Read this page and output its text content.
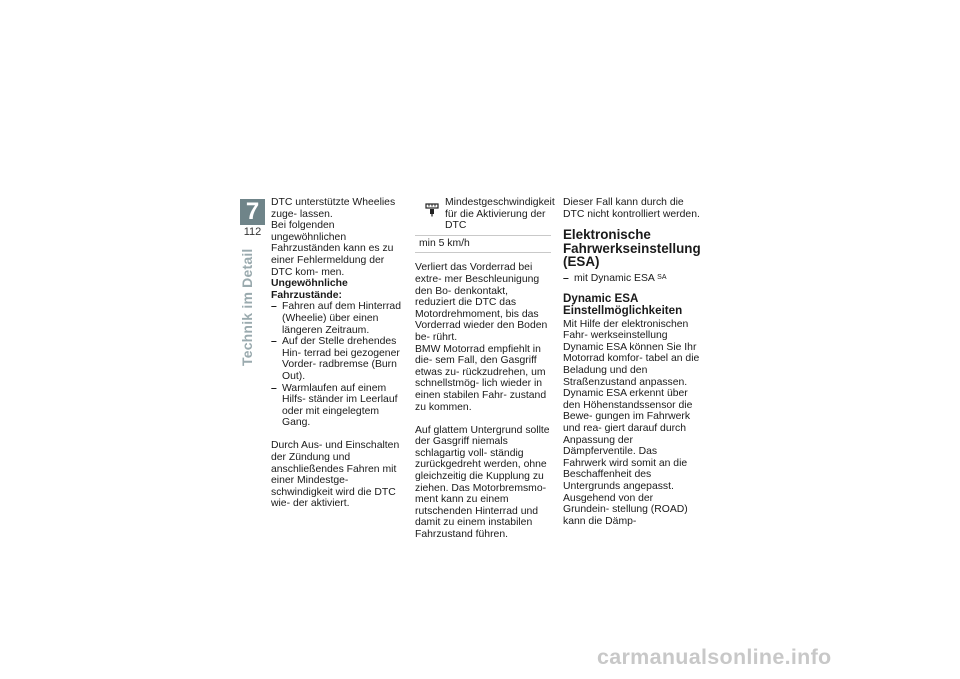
7
112
Technik im Detail

DTC unterstützte Wheelies zuge- lassen.

Bei folgenden ungewöhnlichen Fahrzuständen kann es zu einer Fehlermeldung der DTC kom- men.

Ungewöhnliche Fahrzustände:

– Fahren auf dem Hinterrad (Wheelie) über einen längeren Zeitraum.
– Auf der Stelle drehendes Hin- terrad bei gezogener Vorder- radbremse (Burn Out).
– Warmlaufen auf einem Hilfs- ständer im Leerlauf oder mit eingelegtem Gang.

Durch Aus- und Einschalten der Zündung und anschließendes Fahren mit einer Mindestge- schwindigkeit wird die DTC wie- der aktiviert.

Mindestgeschwindigkeit für die Aktivierung der DTC
min 5 km/h

Verliert das Vorderrad bei extre- mer Beschleunigung den Bo- denkontakt, reduziert die DTC das Motordrehmoment, bis das Vorderrad wieder den Boden be- rührt.

BMW Motorrad empfiehlt in die- sem Fall, den Gasgriff etwas zu- rückzudrehen, um schnellstmög- lich wieder in einen stabilen Fahr- zustand zu kommen.

Auf glattem Untergrund sollte der Gasgriff niemals schlagartig voll- ständig zurückgedreht werden, ohne gleichzeitig die Kupplung zu ziehen. Das Motorbremsmo- ment kann zu einem rutschenden Hinterrad und damit zu einem instabilen Fahrzustand führen.

Dieser Fall kann durch die DTC nicht kontrolliert werden.

Elektronische Fahrwerkseinstellung (ESA)
– mit Dynamic ESA $^{SA}$
Dynamic ESA Einstellmöglichkeiten

Mit Hilfe der elektronischen Fahr- werkseinstellung Dynamic ESA können Sie Ihr Motorrad komfor- tabel an die Beladung und den Straßenzustand anpassen.

Dynamic ESA erkennt über den Höhenstandssensor die Bewe- gungen im Fahrwerk und rea- giert darauf durch Anpassung der Dämpferventile. Das Fahrwerk wird somit an die Beschaffenheit des Untergrunds angepasst.

Ausgehend von der Grundein- stellung (ROAD) kann die Dämp-

carmanualsonline.info
